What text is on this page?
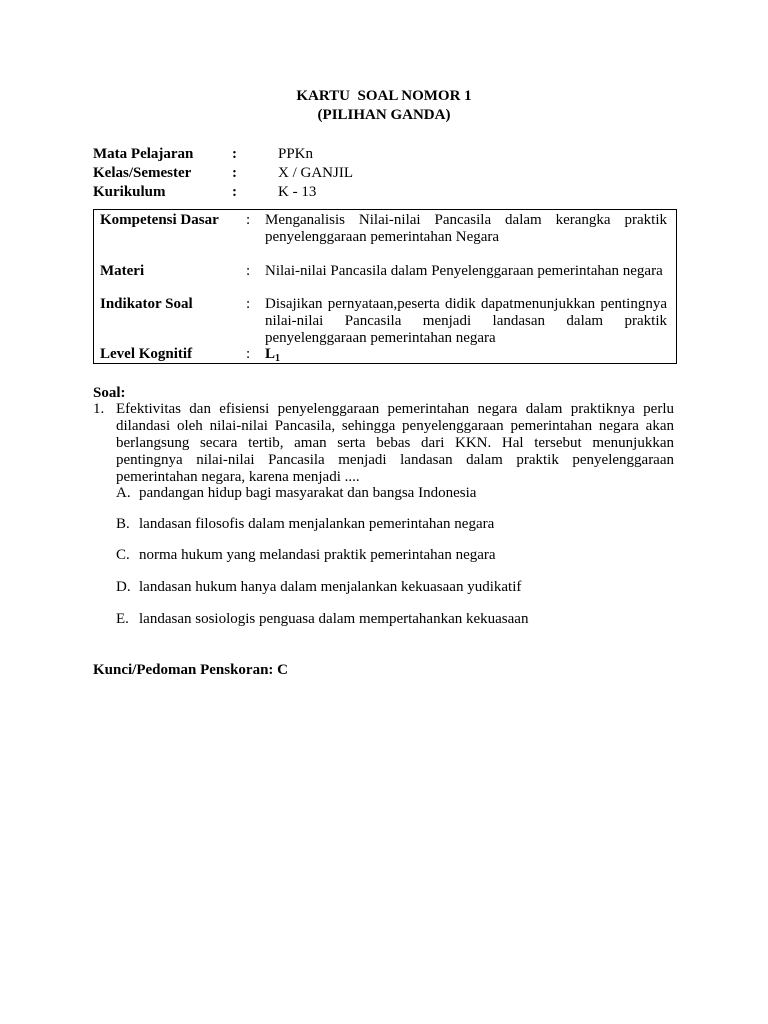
KARTU  SOAL NOMOR 1
(PILIHAN GANDA)
Mata Pelajaran	:	PPKn
Kelas/Semester	:	X / GANJIL
Kurikulum	:	K - 13
Kompetensi Dasar : Menganalisis Nilai-nilai Pancasila dalam kerangka praktik penyelenggaraan pemerintahan Negara
Materi	: Nilai-nilai Pancasila dalam Penyelenggaraan pemerintahan negara
Indikator Soal	: Disajikan pernyataan,peserta didik dapatmenunjukkan pentingnya nilai-nilai Pancasila menjadi landasan dalam praktik penyelenggaraan pemerintahan negara
Level Kognitif	: $L_1$
Soal:
1. Efektivitas dan efisiensi penyelenggaraan pemerintahan negara dalam praktiknya perlu dilandasi oleh nilai-nilai Pancasila, sehingga penyelenggaraan pemerintahan negara akan berlangsung secara tertib, aman serta bebas dari KKN. Hal tersebut menunjukkan pentingnya nilai-nilai Pancasila menjadi landasan dalam praktik penyelenggaraan pemerintahan negara, karena menjadi ....
A. pandangan hidup bagi masyarakat dan bangsa Indonesia
B. landasan filosofis dalam menjalankan pemerintahan negara
C. norma hukum yang melandasi praktik pemerintahan negara
D. landasan hukum hanya dalam menjalankan kekuasaan yudikatif
E. landasan sosiologis penguasa dalam mempertahankan kekuasaan
Kunci/Pedoman Penskoran: C
